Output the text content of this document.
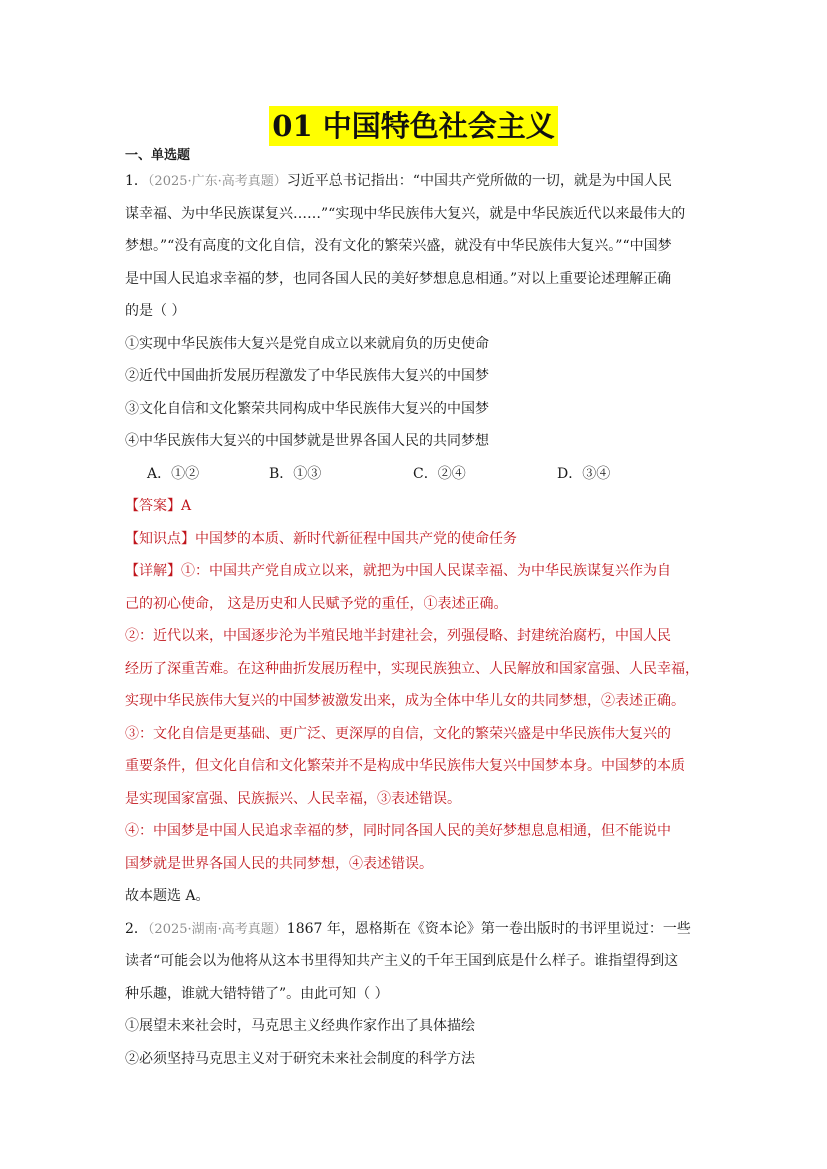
01 中国特色社会主义
一、单选题
1．（2025·广东·高考真题）习近平总书记指出：“中国共产党所做的一切，就是为中国人民
谋幸福、为中华民族谋复兴……”“实现中华民族伟大复兴，就是中华民族近代以来最伟大的
梦想。”“没有高度的文化自信，没有文化的繁荣兴盛，就没有中华民族伟大复兴。”“中国梦
是中国人民追求幸福的梦，也同各国人民的美好梦想息息相通。”对以上重要论述理解正确
的是（ ）
①实现中华民族伟大复兴是党自成立以来就肩负的历史使命
②近代中国曲折发展历程激发了中华民族伟大复兴的中国梦
③文化自信和文化繁荣共同构成中华民族伟大复兴的中国梦
④中华民族伟大复兴的中国梦就是世界各国人民的共同梦想
A．①②	B．①③	C．②④	D．③④
【答案】A
【知识点】中国梦的本质、新时代新征程中国共产党的使命任务
【详解】①：中国共产党自成立以来，就把为中国人民谋幸福、为中华民族谋复兴作为自
己的初心使命， 这是历史和人民赋予党的重任，①表述正确。
②：近代以来，中国逐步沦为半殖民地半封建社会，列强侵略、封建统治腐朽，中国人民
经历了深重苦难。在这种曲折发展历程中，实现民族独立、人民解放和国家富强、人民幸福，
实现中华民族伟大复兴的中国梦被激发出来，成为全体中华儿女的共同梦想，②表述正确。
③：文化自信是更基础、更广泛、更深厚的自信，文化的繁荣兴盛是中华民族伟大复兴的
重要条件，但文化自信和文化繁荣并不是构成中华民族伟大复兴中国梦本身。中国梦的本质
是实现国家富强、民族振兴、人民幸福，③表述错误。
④：中国梦是中国人民追求幸福的梦，同时同各国人民的美好梦想息息相通，但不能说中
国梦就是世界各国人民的共同梦想，④表述错误。
故本题选 A。
2．（2025·湖南·高考真题）1867 年，恩格斯在《资本论》第一卷出版时的书评里说过：一些
读者“可能会以为他将从这本书里得知共产主义的千年王国到底是什么样子。谁指望得到这
种乐趣，谁就大错特错了”。由此可知（ ）
①展望未来社会时，马克思主义经典作家作出了具体描绘
②必须坚持马克思主义对于研究未来社会制度的科学方法
